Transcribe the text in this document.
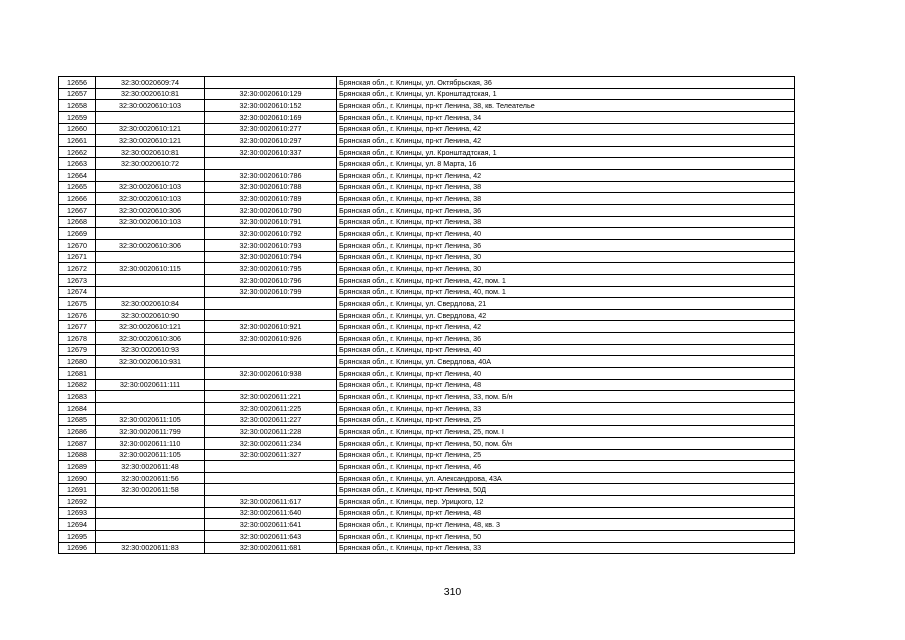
12656	32:30:0020609:74		Брянская обл., г. Клинцы, ул. Октябрьская, 36
12657	32:30:0020610:81	32:30:0020610:129	Брянская обл., г. Клинцы, ул. Кронштадтская, 1
12658	32:30:0020610:103	32:30:0020610:152	Брянская обл., г. Клинцы, пр-кт Ленина, 38, кв. Телеателье
12659		32:30:0020610:169	Брянская обл., г. Клинцы, пр-кт Ленина, 34
12660	32:30:0020610:121	32:30:0020610:277	Брянская обл., г. Клинцы, пр-кт Ленина, 42
12661	32:30:0020610:121	32:30:0020610:297	Брянская обл., г. Клинцы, пр-кт Ленина, 42
12662	32:30:0020610:81	32:30:0020610:337	Брянская обл., г. Клинцы, ул. Кронштадтская, 1
12663	32:30:0020610:72		Брянская обл., г. Клинцы, ул. 8 Марта, 16
12664		32:30:0020610:786	Брянская обл., г. Клинцы, пр-кт Ленина, 42
12665	32:30:0020610:103	32:30:0020610:788	Брянская обл., г. Клинцы, пр-кт Ленина, 38
12666	32:30:0020610:103	32:30:0020610:789	Брянская обл., г. Клинцы, пр-кт Ленина, 38
12667	32:30:0020610:306	32:30:0020610:790	Брянская обл., г. Клинцы, пр-кт Ленина, 36
12668	32:30:0020610:103	32:30:0020610:791	Брянская обл., г. Клинцы, пр-кт Ленина, 38
12669		32:30:0020610:792	Брянская обл., г. Клинцы, пр-кт Ленина, 40
12670	32:30:0020610:306	32:30:0020610:793	Брянская обл., г. Клинцы, пр-кт Ленина, 36
12671		32:30:0020610:794	Брянская обл., г. Клинцы, пр-кт Ленина, 30
12672	32:30:0020610:115	32:30:0020610:795	Брянская обл., г. Клинцы, пр-кт Ленина, 30
12673		32:30:0020610:796	Брянская обл., г. Клинцы, пр-кт Ленина, 42, пом. 1
12674		32:30:0020610:799	Брянская обл., г. Клинцы, пр-кт Ленина, 40, пом. 1
12675	32:30:0020610:84		Брянская обл., г. Клинцы, ул. Свердлова, 21
12676	32:30:0020610:90		Брянская обл., г. Клинцы, ул. Свердлова, 42
12677	32:30:0020610:121	32:30:0020610:921	Брянская обл., г. Клинцы, пр-кт Ленина, 42
12678	32:30:0020610:306	32:30:0020610:926	Брянская обл., г. Клинцы, пр-кт Ленина, 36
12679	32:30:0020610:93		Брянская обл., г. Клинцы, пр-кт Ленина, 40
12680	32:30:0020610:931		Брянская обл., г. Клинцы, ул. Свердлова, 40А
12681		32:30:0020610:938	Брянская обл., г. Клинцы, пр-кт Ленина, 40
12682	32:30:0020611:111		Брянская обл., г. Клинцы, пр-кт Ленина, 48
12683		32:30:0020611:221	Брянская обл., г. Клинцы, пр-кт Ленина, 33, пом. Б/н
12684		32:30:0020611:225	Брянская обл., г. Клинцы, пр-кт Ленина, 33
12685	32:30:0020611:105	32:30:0020611:227	Брянская обл., г. Клинцы, пр-кт Ленина, 25
12686	32:30:0020611:799	32:30:0020611:228	Брянская обл., г. Клинцы, пр-кт Ленина, 25, пом. I
12687	32:30:0020611:110	32:30:0020611:234	Брянская обл., г. Клинцы, пр-кт Ленина, 50, пом. б/н
12688	32:30:0020611:105	32:30:0020611:327	Брянская обл., г. Клинцы, пр-кт Ленина, 25
12689	32:30:0020611:48		Брянская обл., г. Клинцы, пр-кт Ленина, 46
12690	32:30:0020611:56		Брянская обл., г. Клинцы, ул. Александрова, 43А
12691	32:30:0020611:58		Брянская обл., г. Клинцы, пр-кт Ленина, 50Д
12692		32:30:0020611:617	Брянская обл., г. Клинцы, пер. Урицкого, 12
12693		32:30:0020611:640	Брянская обл., г. Клинцы, пр-кт Ленина, 48
12694		32:30:0020611:641	Брянская обл., г. Клинцы, пр-кт Ленина, 48, кв. 3
12695		32:30:0020611:643	Брянская обл., г. Клинцы, пр-кт Ленина, 50
12696	32:30:0020611:83	32:30:0020611:681	Брянская обл., г. Клинцы, пр-кт Ленина, 33
310
